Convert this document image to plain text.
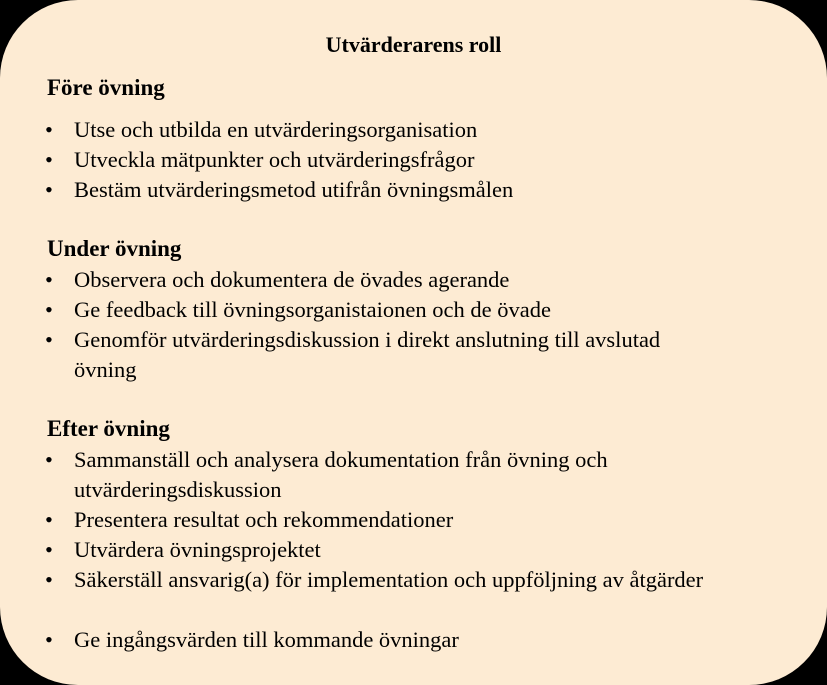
Utvärderarens roll
Före övning
• Utse och utbilda en utvärderingsorganisation
• Utveckla mätpunkter och utvärderingsfrågor
• Bestäm utvärderingsmetod utifrån övningsmålen
Under övning
• Observera och dokumentera de övades agerande
• Ge feedback till övningsorganistaionen och de övade
• Genomför utvärderingsdiskussion i direkt anslutning till avslutad övning
Efter övning
• Sammanställ och analysera dokumentation från övning och utvärderingsdiskussion
• Presentera resultat och rekommendationer
• Utvärdera övningsprojektet
• Säkerställ ansvarig(a) för implementation och uppföljning av åtgärder
• Ge ingångsvärden till kommande övningar
